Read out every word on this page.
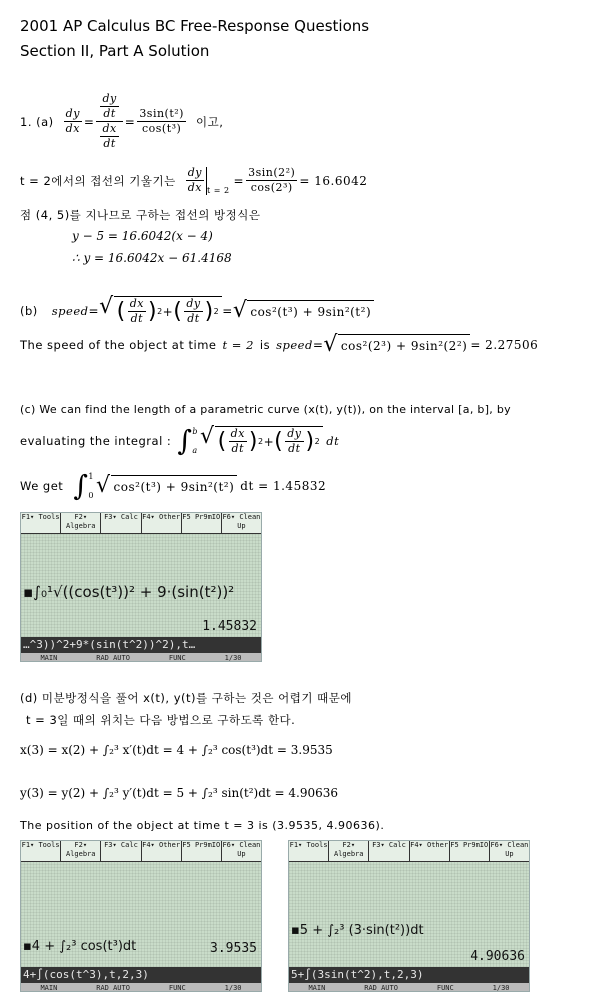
2001 AP Calculus BC Free-Response Questions
Section II, Part A Solution
1. $(a) \frac{dy}{dx} = \frac{\frac{dy}{dt}}{\frac{dx}{dt}} = \frac{\text{3sin(t²)}}{\text{cos(t³)}}$ 이고,
t = 2에서의 접선의 기울기는 $\frac{dy}{dx}$ t = 2
= $\frac{\text{3sin(2²)}}{\text{cos(2³)}} = 16.6042$
점 (4, 5)를 지나므로 구하는 접선의 방정식은
y − 5 = 16.6042(x − 4)
∴ y = 16.6042x − 61.4168
(b) speed = √ ( $\frac{dx}{dt}$ ) 2 + ( $\frac{dy}{dt}$ ) 2 = √ cos²(t³) + 9sin²(t²)
The speed of the object at time t = 2 is speed = √ cos²(2³) + 9sin²(2²) = 2.27506
(c) We can find the length of a parametric curve (x(t), y(t)), on the interval [a, b], by
evaluating the integral : ∫ b
a
√ ( $\frac{dx}{dt}$ ) 2 + ( $\frac{dy}{dt}$ ) 2 dt
We get ∫ 1
0 √ cos²(t³) + 9sin²(t²) dt = 1.45832
F1▾ Tools	F2▾ Algebra
F3▾ Calc F4▾ Other F5 Pr9mIO F6▾ Clean Up
▪∫₀¹√((cos(t³))² + 9·(sin(t²))²
1.45832
…^3))^2+9*(sin(t^2))^2),t…
MAIN	RAD AUTO	FUNC	1/30
(d) 미분방정식을 풀어 x(t), y(t)를 구하는 것은 어렵기 때문에
t = 3일 때의 위치는 다음 방법으로 구하도록 한다.
x(3) = x(2) + ∫₂³ x′(t)dt = 4 + ∫₂³ cos(t³)dt = 3.9535
y(3) = y(2) + ∫₂³ y′(t)dt = 5 + ∫₂³ sin(t²)dt = 4.90636
The position of the object at time t = 3 is (3.9535, 4.90636).
F1▾ Tools	F2▾ Algebra
F3▾ Calc F4▾ Other F5 Pr9mIO F6▾ Clean Up
▪4 + ∫₂³ cos(t³)dt	3.9535
4+∫(cos(t^3),t,2,3)
MAIN	RAD AUTO	FUNC	1/30
F1▾ Tools	F2▾ Algebra
F3▾ Calc F4▾ Other F5 Pr9mIO F6▾ Clean Up
▪5 + ∫₂³ (3·sin(t²))dt
4.90636
5+∫(3sin(t^2),t,2,3)
MAIN	RAD AUTO	FUNC	1/30
